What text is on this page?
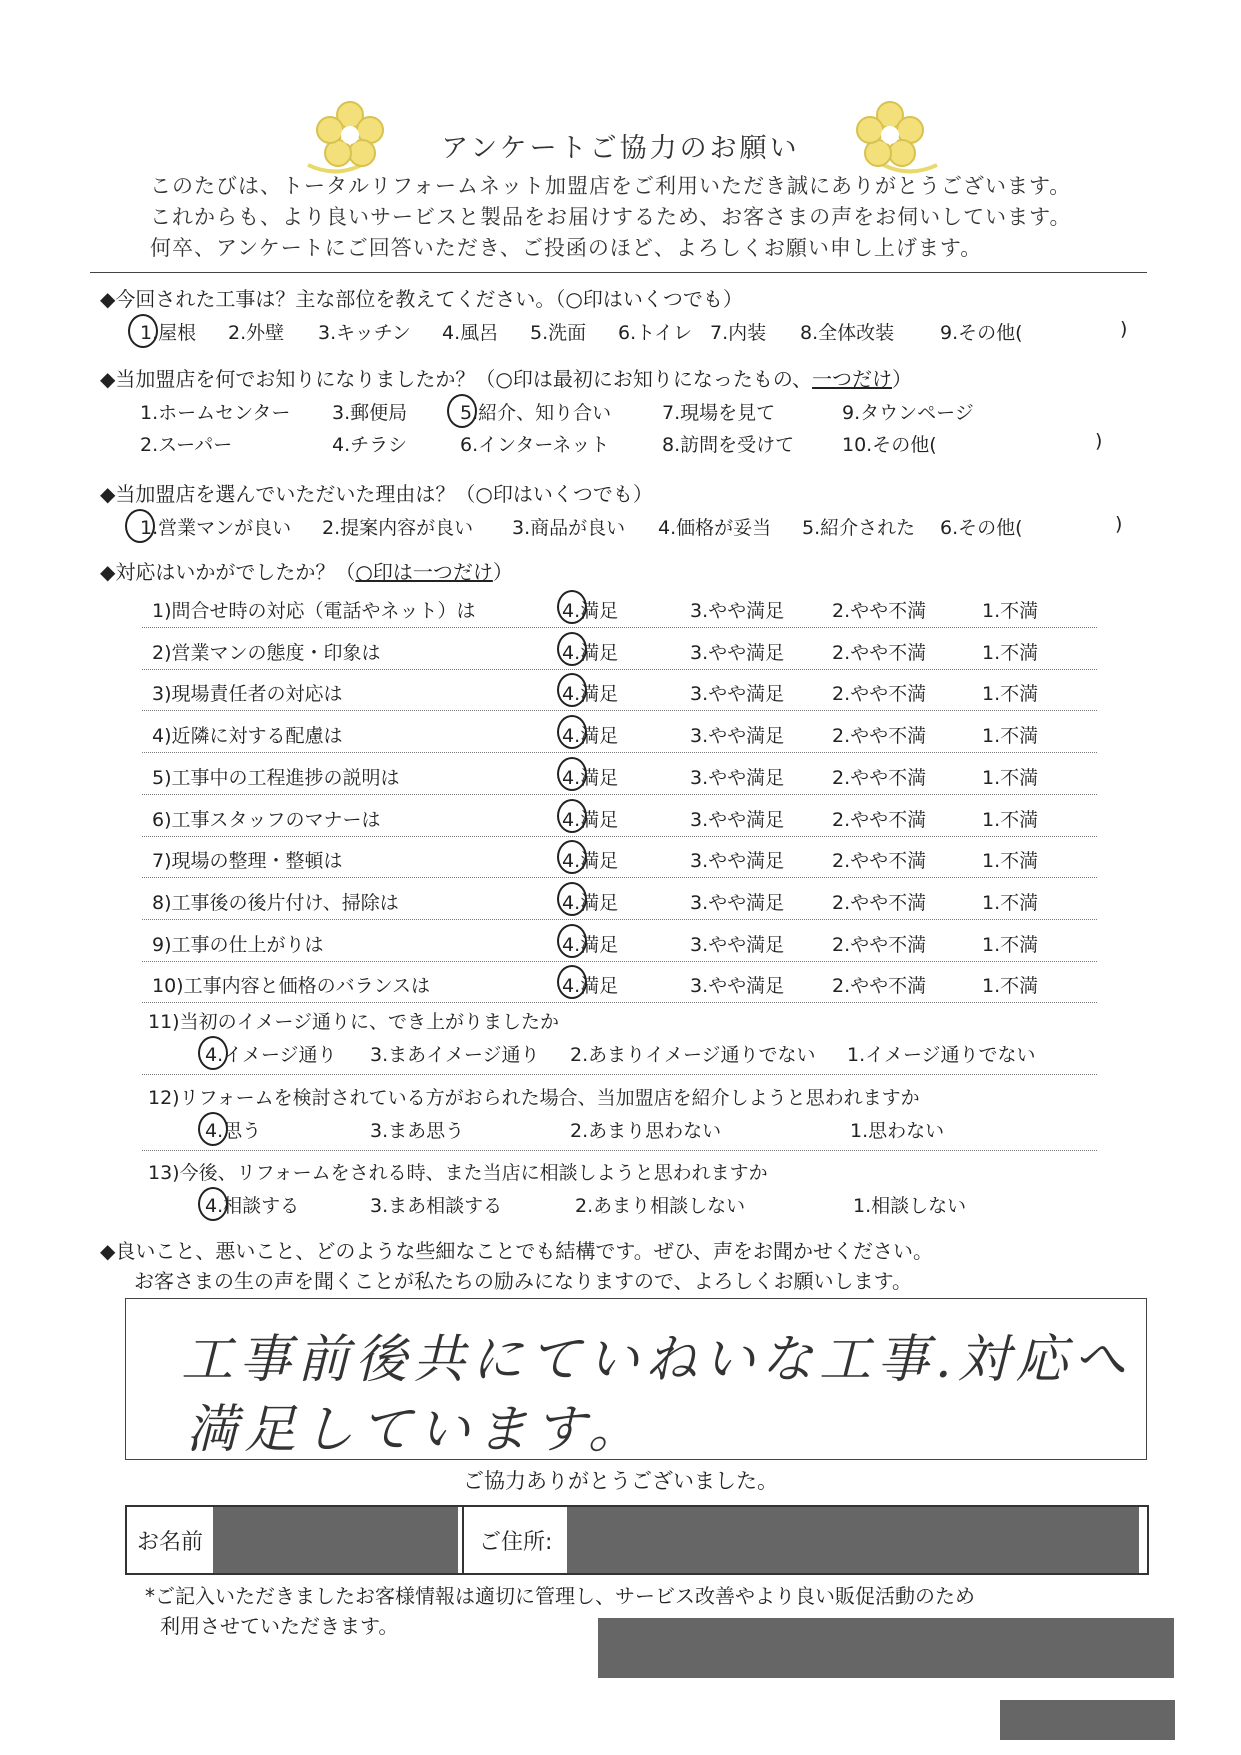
アンケートご協力のお願い
このたびは、トータルリフォームネット加盟店をご利用いただき誠にありがとうございます。
これからも、より良いサービスと製品をお届けするため、お客さまの声をお伺いしています。
何卒、アンケートにご回答いただき、ご投函のほど、よろしくお願い申し上げます。
◆今回された工事は？主な部位を教えてください。（○印はいくつでも）
1.屋根 2.外壁 3.キッチン 4.風呂 5.洗面 6.トイレ 7.内装 8.全体改装 9.その他(	)
◆当加盟店を何でお知りになりましたか？（○印は最初にお知りになったもの、一つだけ）
1.ホームセンター 3.郵便局	5.紹介、知り合い	7.現場を見て	9.タウンページ
2.スーパー	4.チラシ	6.インターネット	8.訪問を受けて	10.その他(	)
◆当加盟店を選んでいただいた理由は？（○印はいくつでも）
1.営業マンが良い 2.提案内容が良い 3.商品が良い 4.価格が妥当 5.紹介された 6.その他(	)
◆対応はいかがでしたか？（○印は一つだけ）
1)問合せ時の対応（電話やネット）は	4.満足	3.やや満足	2.やや不満	1.不満
2)営業マンの態度・印象は	4.満足	3.やや満足	2.やや不満	1.不満
3)現場責任者の対応は	4.満足	3.やや満足	2.やや不満	1.不満
4)近隣に対する配慮は	4.満足	3.やや満足	2.やや不満	1.不満
5)工事中の工程進捗の説明は	4.満足	3.やや満足	2.やや不満	1.不満
6)工事スタッフのマナーは	4.満足	3.やや満足	2.やや不満	1.不満
7)現場の整理・整頓は	4.満足	3.やや満足	2.やや不満	1.不満
8)工事後の後片付け、掃除は	4.満足	3.やや満足	2.やや不満	1.不満
9)工事の仕上がりは	4.満足	3.やや満足	2.やや不満	1.不満
10)工事内容と価格のバランスは	4.満足	3.やや満足	2.やや不満	1.不満
11)当初のイメージ通りに、でき上がりましたか
4.イメージ通り 3.まあイメージ通り 2.あまりイメージ通りでない 1.イメージ通りでない
12)リフォームを検討されている方がおられた場合、当加盟店を紹介しようと思われますか
4.思う	3.まあ思う	2.あまり思わない	1.思わない
13)今後、リフォームをされる時、また当店に相談しようと思われますか
4.相談する	3.まあ相談する	2.あまり相談しない	1.相談しない
◆良いこと、悪いこと、どのような些細なことでも結構です。ぜひ、声をお聞かせください。
お客さまの生の声を聞くことが私たちの励みになりますので、よろしくお願いします。
工事前後共にていねいな工事.対応へ
満足しています。
ご協力ありがとうございました。
お名前	ご住所:
*ご記入いただきましたお客様情報は適切に管理し、サービス改善やより良い販促活動のため
利用させていただきます。
